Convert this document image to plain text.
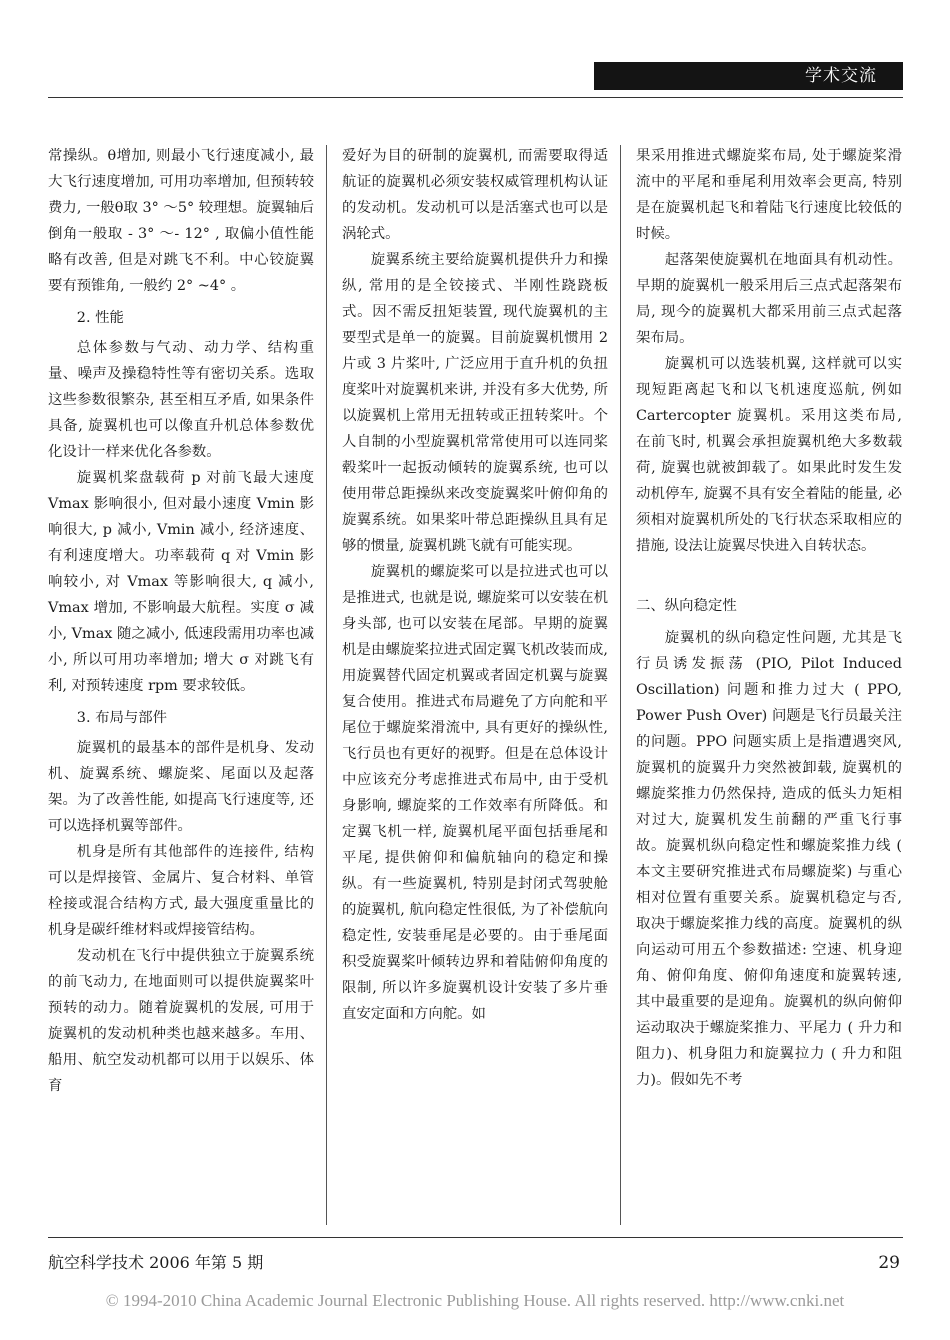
学术交流

常操纵。θ增加, 则最小飞行速度减小, 最大飞行速度增加, 可用功率增加, 但预转较费力, 一般θ取 3° ～5° 较理想。旋翼轴后倒角一般取 - 3° ～- 12° , 取偏小值性能略有改善, 但是对跳飞不利。中心铰旋翼要有预锥角, 一般约 2° ~4° 。

2. 性能

总体参数与气动、动力学、结构重量、噪声及操稳特性等有密切关系。选取这些参数很繁杂, 甚至相互矛盾, 如果条件具备, 旋翼机也可以像直升机总体参数优化设计一样来优化各参数。

旋翼机桨盘载荷 p 对前飞最大速度 Vmax 影响很小, 但对最小速度 Vmin 影响很大, p 减小, Vmin 减小, 经济速度、有利速度增大。功率载荷 q 对 Vmin 影响较小, 对 Vmax 等影响很大, q 减小, Vmax 增加, 不影响最大航程。实度 σ 减小, Vmax 随之减小, 低速段需用功率也减小, 所以可用功率增加; 增大 σ 对跳飞有利, 对预转速度 rpm 要求较低。

3. 布局与部件

旋翼机的最基本的部件是机身、发动机、旋翼系统、螺旋桨、尾面以及起落架。为了改善性能, 如提高飞行速度等, 还可以选择机翼等部件。

机身是所有其他部件的连接件, 结构可以是焊接管、金属片、复合材料、单管栓接或混合结构方式, 最大强度重量比的机身是碳纤维材料或焊接管结构。

发动机在飞行中提供独立于旋翼系统的前飞动力, 在地面则可以提供旋翼桨叶预转的动力。随着旋翼机的发展, 可用于旋翼机的发动机种类也越来越多。车用、船用、航空发动机都可以用于以娱乐、体育

爱好为目的研制的旋翼机, 而需要取得适航证的旋翼机必须安装权威管理机构认证的发动机。发动机可以是活塞式也可以是涡轮式。

旋翼系统主要给旋翼机提供升力和操纵, 常用的是全铰接式、半刚性跷跷板式。因不需反扭矩装置, 现代旋翼机的主要型式是单一的旋翼。目前旋翼机惯用 2 片或 3 片桨叶, 广泛应用于直升机的负扭度桨叶对旋翼机来讲, 并没有多大优势, 所以旋翼机上常用无扭转或正扭转桨叶。个人自制的小型旋翼机常常使用可以连同桨毂桨叶一起扳动倾转的旋翼系统, 也可以使用带总距操纵来改变旋翼桨叶俯仰角的旋翼系统。如果桨叶带总距操纵且具有足够的惯量, 旋翼机跳飞就有可能实现。

旋翼机的螺旋桨可以是拉进式也可以是推进式, 也就是说, 螺旋桨可以安装在机身头部, 也可以安装在尾部。早期的旋翼机是由螺旋桨拉进式固定翼飞机改装而成, 用旋翼替代固定机翼或者固定机翼与旋翼复合使用。推进式布局避免了方向舵和平尾位于螺旋桨滑流中, 具有更好的操纵性, 飞行员也有更好的视野。但是在总体设计中应该充分考虑推进式布局中, 由于受机身影响, 螺旋桨的工作效率有所降低。和定翼飞机一样, 旋翼机尾平面包括垂尾和平尾, 提供俯仰和偏航轴向的稳定和操纵。有一些旋翼机, 特别是封闭式驾驶舱的旋翼机, 航向稳定性很低, 为了补偿航向稳定性, 安装垂尾是必要的。由于垂尾面积受旋翼桨叶倾转边界和着陆俯仰角度的限制, 所以许多旋翼机设计安装了多片垂直安定面和方向舵。如

果采用推进式螺旋桨布局, 处于螺旋桨滑流中的平尾和垂尾利用效率会更高, 特别是在旋翼机起飞和着陆飞行速度比较低的时候。

起落架使旋翼机在地面具有机动性。早期的旋翼机一般采用后三点式起落架布局, 现今的旋翼机大都采用前三点式起落架布局。

旋翼机可以选装机翼, 这样就可以实现短距离起飞和以飞机速度巡航, 例如 Cartercopter 旋翼机。采用这类布局, 在前飞时, 机翼会承担旋翼机绝大多数载荷, 旋翼也就被卸载了。如果此时发生发动机停车, 旋翼不具有安全着陆的能量, 必须相对旋翼机所处的飞行状态采取相应的措施, 设法让旋翼尽快进入自转状态。

二、纵向稳定性

旋翼机的纵向稳定性问题, 尤其是飞行员诱发振荡 (PIO, Pilot Induced Oscillation) 问题和推力过大 ( PPO, Power Push Over) 问题是飞行员最关注的问题。PPO 问题实质上是指遭遇突风, 旋翼机的旋翼升力突然被卸载, 旋翼机的螺旋桨推力仍然保持, 造成的低头力矩相对过大, 旋翼机发生前翻的严重飞行事故。旋翼机纵向稳定性和螺旋桨推力线 ( 本文主要研究推进式布局螺旋桨) 与重心相对位置有重要关系。旋翼机稳定与否, 取决于螺旋桨推力线的高度。旋翼机的纵向运动可用五个参数描述: 空速、机身迎角、俯仰角度、俯仰角速度和旋翼转速, 其中最重要的是迎角。旋翼机的纵向俯仰运动取决于螺旋桨推力、平尾力 ( 升力和阻力)、机身阻力和旋翼拉力 ( 升力和阻力)。假如先不考

航空科学技术 2006 年第 5 期	29
© 1994-2010 China Academic Journal Electronic Publishing House. All rights reserved. http://www.cnki.net
